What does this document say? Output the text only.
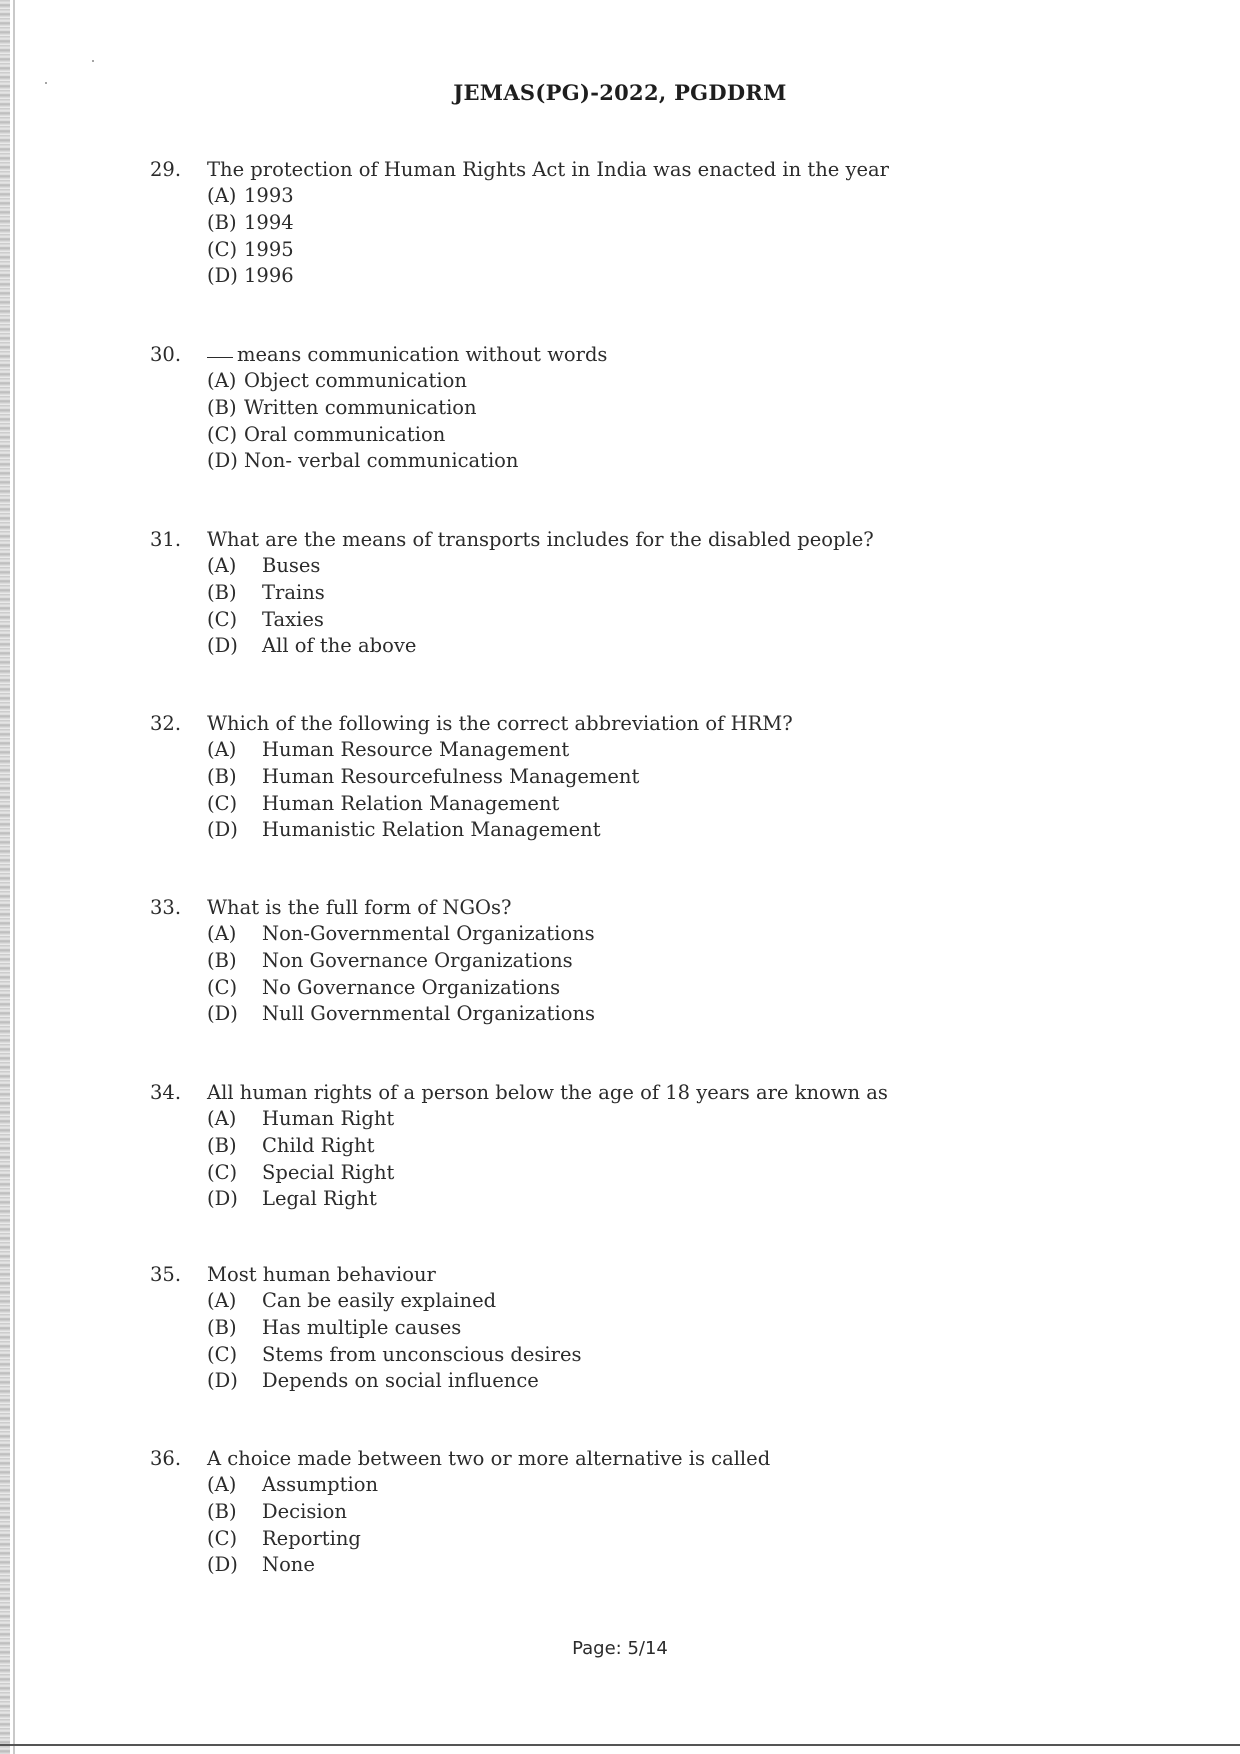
JEMAS(PG)-2022, PGDDRM
29. The protection of Human Rights Act in India was enacted in the year
(A) 1993
(B) 1994
(C) 1995
(D) 1996
30.	means communication without words
(A) Object communication
(B) Written communication
(C) Oral communication
(D) Non- verbal communication
31. What are the means of transports includes for the disabled people?
(A) Buses
(B) Trains
(C) Taxies
(D) All of the above
32. Which of the following is the correct abbreviation of HRM?
(A) Human Resource Management
(B) Human Resourcefulness Management
(C) Human Relation Management
(D) Humanistic Relation Management
33. What is the full form of NGOs?
(A) Non-Governmental Organizations
(B) Non Governance Organizations
(C) No Governance Organizations
(D) Null Governmental Organizations
34. All human rights of a person below the age of 18 years are known as
(A) Human Right
(B) Child Right
(C) Special Right
(D) Legal Right
35. Most human behaviour
(A) Can be easily explained
(B) Has multiple causes
(C) Stems from unconscious desires
(D) Depends on social influence
36. A choice made between two or more alternative is called
(A) Assumption
(B) Decision
(C) Reporting
(D) None
Page: 5/14
